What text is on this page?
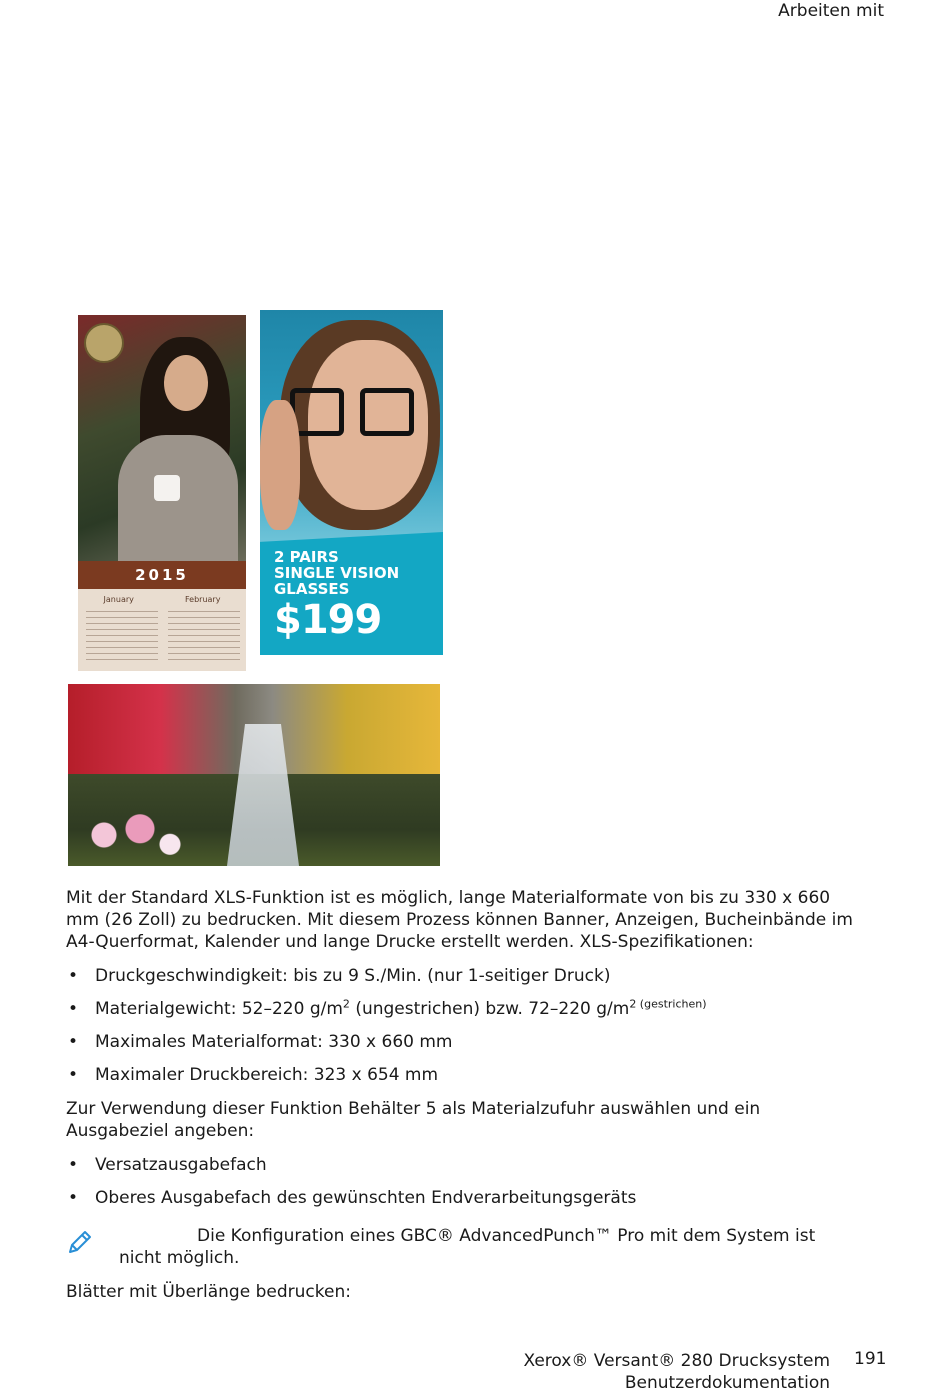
Arbeiten mit
2015
January	February
2 PAIRS
SINGLE VISION
GLASSES
$199
Mit der Standard XLS-Funktion ist es möglich, lange Materialformate von bis zu 330 x 660 mm (26 Zoll) zu bedrucken. Mit diesem Prozess können Banner, Anzeigen, Bucheinbände im A4-Querformat, Kalender und lange Drucke erstellt werden. XLS-Spezifikationen:
• Druckgeschwindigkeit: bis zu 9 S./Min. (nur 1-seitiger Druck)
• Materialgewicht: 52–220 $g/m^2$ (ungestrichen) bzw. 72–220 $g/m^{2 (gestrichen)}$
• Maximales Materialformat: 330 x 660 mm
• Maximaler Druckbereich: 323 x 654 mm
Zur Verwendung dieser Funktion Behälter 5 als Materialzufuhr auswählen und ein Ausgabeziel angeben:
• Versatzausgabefach
• Oberes Ausgabefach des gewünschten Endverarbeitungsgeräts
Die Konfiguration eines GBC® AdvancedPunch™ Pro mit dem System ist nicht möglich.
Blätter mit Überlänge bedrucken:
Xerox® Versant® 280 Drucksystem
Benutzerdokumentation
191
